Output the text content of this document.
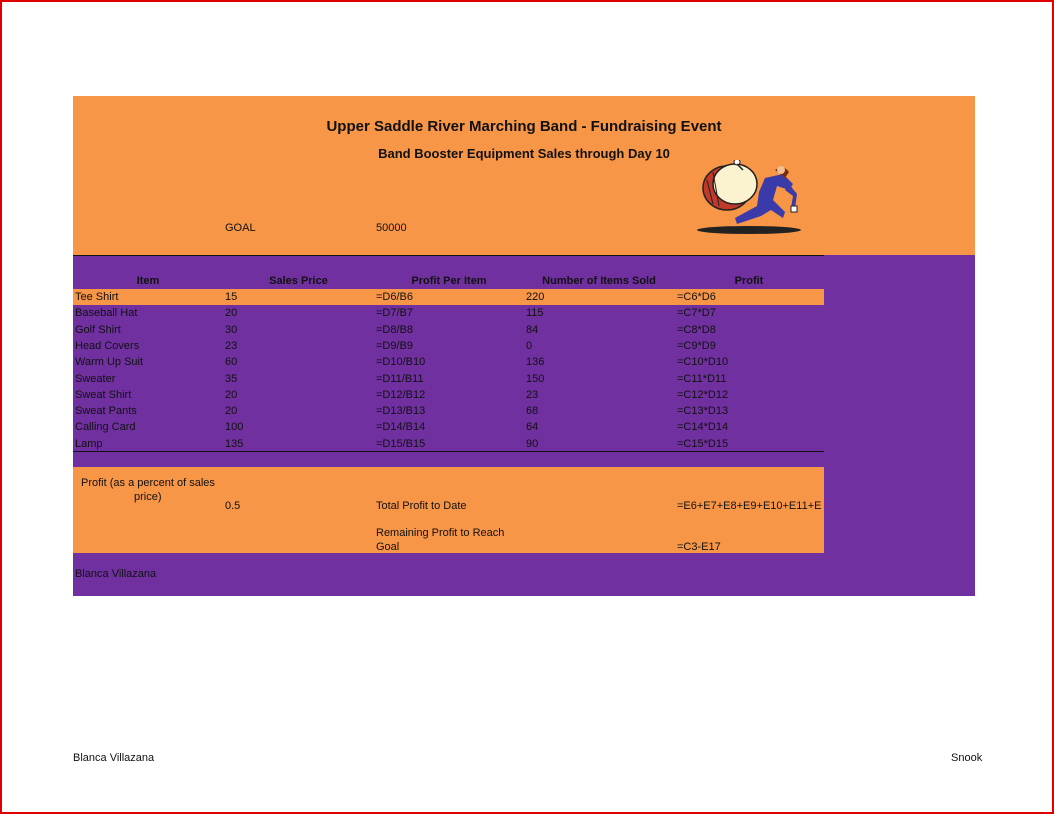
Upper Saddle River Marching Band - Fundraising Event
Band Booster Equipment Sales through Day 10
GOAL	50000
Item	Sales Price	Profit Per Item	Number of Items Sold	Profit
Tee Shirt	15	=D6/B6	220	=C6*D6
Baseball Hat	20	=D7/B7	115	=C7*D7
Golf Shirt	30	=D8/B8	84	=C8*D8
Head Covers	23	=D9/B9	0	=C9*D9
Warm Up Suit	60	=D10/B10	136	=C10*D10
Sweater	35	=D11/B11	150	=C11*D11
Sweat Shirt	20	=D12/B12	23	=C12*D12
Sweat Pants	20	=D13/B13	68	=C13*D13
Calling Card	100	=D14/B14	64	=C14*D14
Lamp	135	=D15/B15	90	=C15*D15
Profit (as a percent of sales
price)
0.5	Total Profit to Date	=E6+E7+E8+E9+E10+E11+E
Remaining Profit to Reach
Goal	=C3-E17
Blanca Villazana
Blanca Villazana	Snook
